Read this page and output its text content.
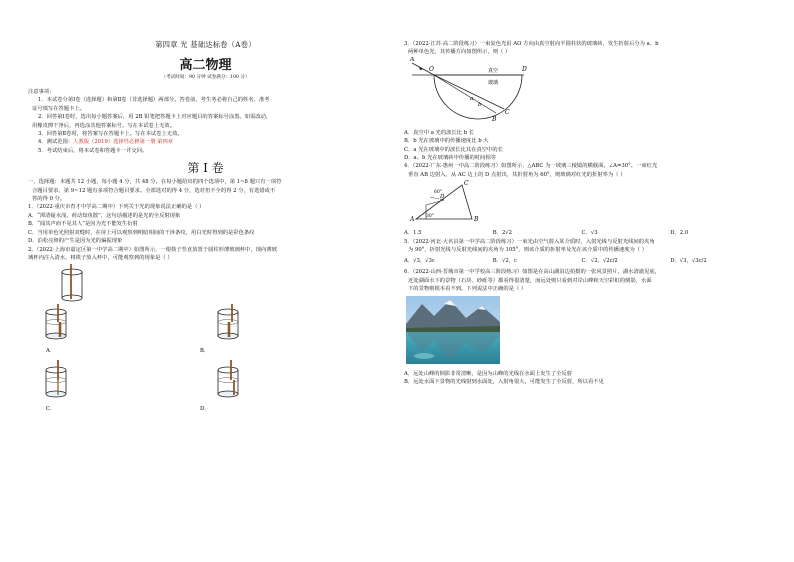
第四章 光 基础达标卷（A卷）
高二物理
（考试时间：90 分钟 试卷满分：100 分）
注意事项：
1．本试卷分第Ⅰ卷（选择题）和第Ⅱ卷（非选择题）两部分。答卷前，考生务必将自己的姓名、准考
证号填写在答题卡上。
2．回答第Ⅰ卷时，选出每小题答案后，用 2B 铅笔把答题卡上对应题目的答案标号涂黑。如需改动，
用橡皮擦干净后，再选涂其他答案标号。写在本试卷上无效。
3．回答第Ⅱ卷时，将答案写在答题卡上。写在本试卷上无效。
4．测试范围：人教版（2019）选择性必修第一册 第四章
5．考试结束后，将本试卷和答题卡一并交回。
第 Ⅰ 卷
一、选择题：本题共 12 小题，每小题 4 分，共 48 分。在每小题给出的四个选项中，第 1~8 题只有一项符
合题目要求，第 9~12 题有多项符合题目要求。全部选对的得 4 分，选对但不全的得 2 分，有选错或不
答的得 0 分。
1．（2022·重庆市育才中学高二期中）下列关于光的现象说法正确的是（ ）
A．“潭清疑水浅，荷动知鱼散”，这句话描述的是光的全反射现象
B．“闻其声而不见其人”是因为光不能发生衍射
C．当用单色光照射双缝时，在屏上可以观察到明暗相间的干涉条纹，用白光时得到的是彩色条纹
D．泊松亮斑的产生是因为光的偏振现象
2．（2022·上海市嘉定区第一中学高二期中）如图所示，一根筷子竖直放置于圆柱形薄玻璃杯中，现向薄玻
璃杯内注入清水，将筷子放入杯中，可能观察到的现象是（ ）
A．	B．
C．	D．
3．（2022·江苏·高二阶段练习）一束复色光沿 AO 方向由真空射向半圆柱状的玻璃砖，发生折射后分为 a、b
两种单色光，其传播方向如图所示，则（ ）
A
O	D
真空
玻璃
a
b
B
C
A．真空中 a 光的波长比 b 长
B．b 光在玻璃中的传播速度比 b 大
C．a 光在玻璃中的波长比其在真空中的长
D．a、b 光在玻璃砖中传播的时间相等
4．（2022·广东·惠州一中高二阶段练习）如图所示，△ABC 为一玻璃三棱镜的横截面，∠A=30°。一束红光
垂直 AB 边射入，从 AC 边上的 D 点射出，其折射角为 60°，则玻璃对红光的折射率为（ ）
A	B
C
D
60°
30°
A．1.5	B．2√2	C．√3	D．2.0
5．（2022·河北·大名县第一中学高二阶段练习）一束光由空气射入某介质时，入射光线与反射光线间的夹角
为 90°，折射光线与反射光线间的夹角为 105°，则该介质的折射率及光在该介质中的传播速度为（ ）
A．√3，√3c	B．√2，c	C．√2，√2c/2	D．√3，√3c/2
6．（2022·山西·晋城市第一中学校高三阶段练习）如图是在高山湖泊边拍摄的一张风景照片，湖水清澈见底，
近处湖面水下的景物（石块、砂砾等）都看得很清楚，而远处则只看到对岸山峰和天空彩虹的倒影，水面
下的景物则根本看不到。下列说法中正确的是（ ）
A．远处山峰的倒影非常清晰，是因为山峰的光线在水面上发生了全反射
B．远处水面下景物的光线射到水面处，入射角很大，可能发生了全反射，所以看不见
